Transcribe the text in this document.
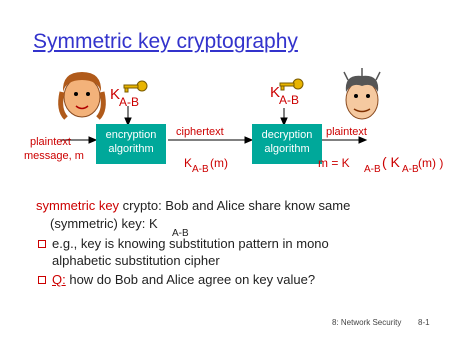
Symmetric key cryptography
K
A-B
K
A-B
encryption
algorithm
decryption
algorithm
plaintext
message, m
ciphertext	plaintext
K A-B (m)	m = K A-B ( K A-B (m) )
symmetric key crypto: Bob and Alice share know same
(symmetric) key: K
A-B
e.g., key is knowing substitution pattern in mono
alphabetic substitution cipher
Q: how do Bob and Alice agree on key value?
8: Network Security 8-1
